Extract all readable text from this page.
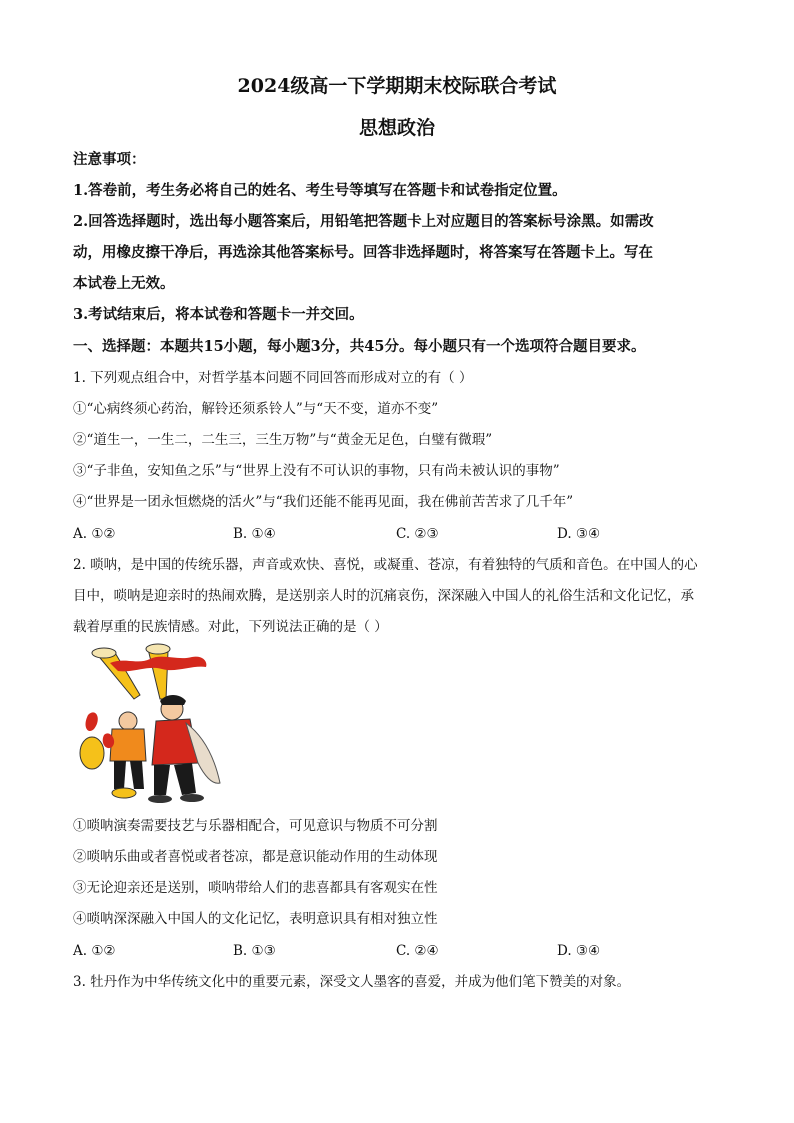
2024级高一下学期期末校际联合考试
思想政治
注意事项：
1.答卷前，考生务必将自己的姓名、考生号等填写在答题卡和试卷指定位置。
2.回答选择题时，选出每小题答案后，用铅笔把答题卡上对应题目的答案标号涂黑。如需改
动，用橡皮擦干净后，再选涂其他答案标号。回答非选择题时，将答案写在答题卡上。写在
本试卷上无效。
3.考试结束后，将本试卷和答题卡一并交回。
一、选择题：本题共15小题，每小题3分，共45分。每小题只有一个选项符合题目要求。
1. 下列观点组合中，对哲学基本问题不同回答而形成对立的有（ ）
①“心病终须心药治，解铃还须系铃人”与“天不变，道亦不变”
②“道生一，一生二，二生三，三生万物”与“黄金无足色，白璧有微瑕”
③“子非鱼，安知鱼之乐”与“世界上没有不可认识的事物，只有尚未被认识的事物”
④“世界是一团永恒燃烧的活火”与“我们还能不能再见面，我在佛前苦苦求了几千年”
A. ①②	B. ①④	C. ②③	D. ③④
2. 唢呐，是中国的传统乐器，声音或欢快、喜悦，或凝重、苍凉，有着独特的气质和音色。在中国人的心
目中，唢呐是迎亲时的热闹欢腾，是送别亲人时的沉痛哀伤，深深融入中国人的礼俗生活和文化记忆，承
载着厚重的民族情感。对此，下列说法正确的是（ ）
①唢呐演奏需要技艺与乐器相配合，可见意识与物质不可分割
②唢呐乐曲或者喜悦或者苍凉，都是意识能动作用的生动体现
③无论迎亲还是送别，唢呐带给人们的悲喜都具有客观实在性
④唢呐深深融入中国人的文化记忆，表明意识具有相对独立性
A. ①②	B. ①③	C. ②④	D. ③④
3. 牡丹作为中华传统文化中的重要元素，深受文人墨客的喜爱，并成为他们笔下赞美的对象。
